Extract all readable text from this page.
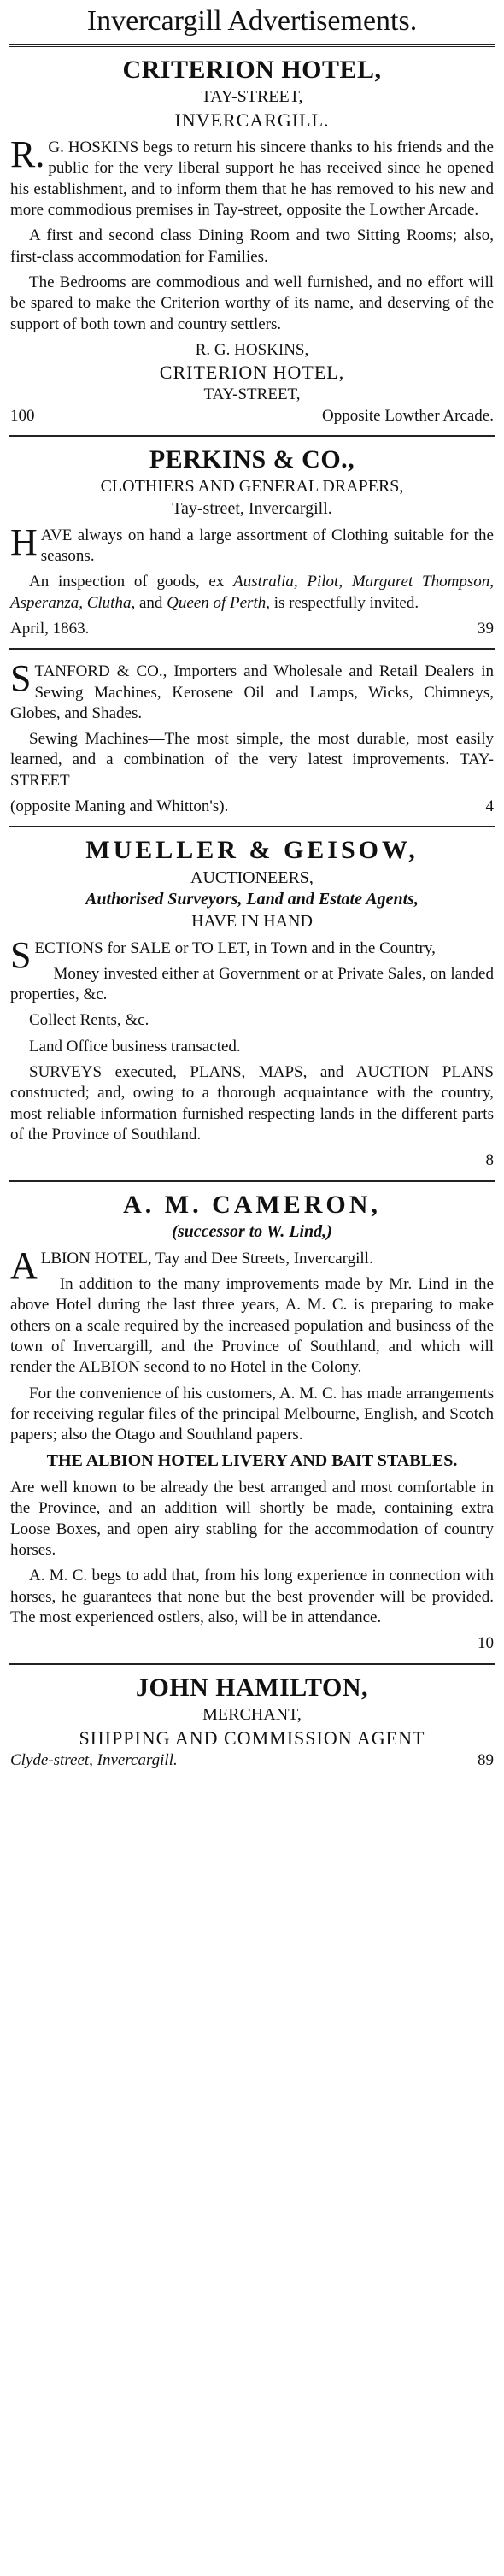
Invercargill Advertisements.
CRITERION HOTEL,
TAY-STREET,
INVERCARGILL.

R.G. HOSKINS begs to return his sincere thanks to his friends and the public for the very liberal support he has received since he opened his establishment, and to inform them that he has removed to his new and more commodious premises in Tay-street, opposite the Lowther Arcade.

A first and second class Dining Room and two Sitting Rooms; also, first-class accommodation for Families.

The Bedrooms are commodious and well furnished, and no effort will be spared to make the Criterion worthy of its name, and deserving of the support of both town and country settlers.

R. G. HOSKINS,
CRITERION HOTEL,
TAY-STREET,
100	Opposite Lowther Arcade.
PERKINS & CO.,
CLOTHIERS AND GENERAL DRAPERS,
Tay-street, Invercargill.

HAVE always on hand a large assortment of Clothing suitable for the seasons.

An inspection of goods, ex Australia, Pilot, Margaret Thompson, Asperanza, Clutha, and Queen of Perth, is respectfully invited.

April, 1863.	39

STANFORD & CO., Importers and Wholesale and Retail Dealers in Sewing Machines, Kerosene Oil and Lamps, Wicks, Chimneys, Globes, and Shades.

Sewing Machines—The most simple, the most durable, most easily learned, and a combination of the very latest improvements. TAY-STREET

(opposite Maning and Whitton's).	4
MUELLER & GEISOW,
AUCTIONEERS,
Authorised Surveyors, Land and Estate Agents,
HAVE IN HAND

SECTIONS for SALE or TO LET, in Town and in the Country,

Money invested either at Government or at Private Sales, on landed properties, &c.

Collect Rents, &c.

Land Office business transacted.

SURVEYS executed, PLANS, MAPS, and AUCTION PLANS constructed; and, owing to a thorough acquaintance with the country, most reliable information furnished respecting lands in the different parts of the Province of Southland.

8
A. M. CAMERON,
(successor to W. Lind,)

ALBION HOTEL, Tay and Dee Streets, Invercargill.

In addition to the many improvements made by Mr. Lind in the above Hotel during the last three years, A. M. C. is preparing to make others on a scale required by the increased population and business of the town of Invercargill, and the Province of Southland, and which will render the ALBION second to no Hotel in the Colony.

For the convenience of his customers, A. M. C. has made arrangements for receiving regular files of the principal Melbourne, English, and Scotch papers; also the Otago and Southland papers.

THE ALBION HOTEL LIVERY AND BAIT STABLES.

Are well known to be already the best arranged and most comfortable in the Province, and an addition will shortly be made, containing extra Loose Boxes, and open airy stabling for the accommodation of country horses.

A. M. C. begs to add that, from his long experience in connection with horses, he guarantees that none but the best provender will be provided. The most experienced ostlers, also, will be in attendance.

10
JOHN HAMILTON,
MERCHANT,
SHIPPING AND COMMISSION AGENT
Clyde-street, Invercargill.	89
